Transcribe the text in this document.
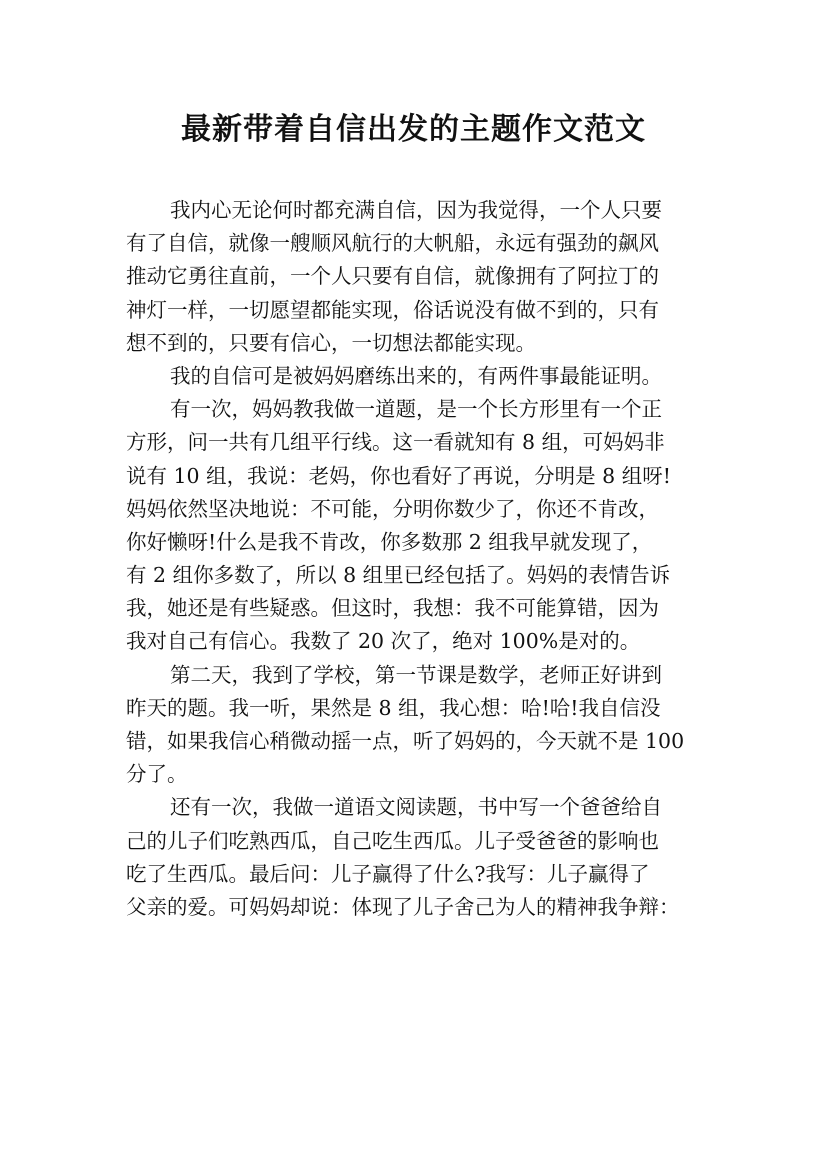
最新带着自信出发的主题作文范文
我内心无论何时都充满自信，因为我觉得，一个人只要
有了自信，就像一艘顺风航行的大帆船，永远有强劲的飙风
推动它勇往直前，一个人只要有自信，就像拥有了阿拉丁的
神灯一样，一切愿望都能实现，俗话说没有做不到的，只有
想不到的，只要有信心，一切想法都能实现。
我的自信可是被妈妈磨练出来的，有两件事最能证明。
有一次，妈妈教我做一道题，是一个长方形里有一个正
方形，问一共有几组平行线。这一看就知有 8 组，可妈妈非
说有 10 组，我说：老妈，你也看好了再说，分明是 8 组呀!
妈妈依然坚决地说：不可能，分明你数少了，你还不肯改，
你好懒呀!什么是我不肯改，你多数那 2 组我早就发现了，
有 2 组你多数了，所以 8 组里已经包括了。妈妈的表情告诉
我，她还是有些疑惑。但这时，我想：我不可能算错，因为
我对自己有信心。我数了 20 次了，绝对 100%是对的。
第二天，我到了学校，第一节课是数学，老师正好讲到
昨天的题。我一听，果然是 8 组，我心想：哈!哈!我自信没
错，如果我信心稍微动摇一点，听了妈妈的，今天就不是 100
分了。
还有一次，我做一道语文阅读题，书中写一个爸爸给自
己的儿子们吃熟西瓜，自己吃生西瓜。儿子受爸爸的影响也
吃了生西瓜。最后问：儿子赢得了什么?我写：儿子赢得了
父亲的爱。可妈妈却说：体现了儿子舍己为人的精神我争辩：
